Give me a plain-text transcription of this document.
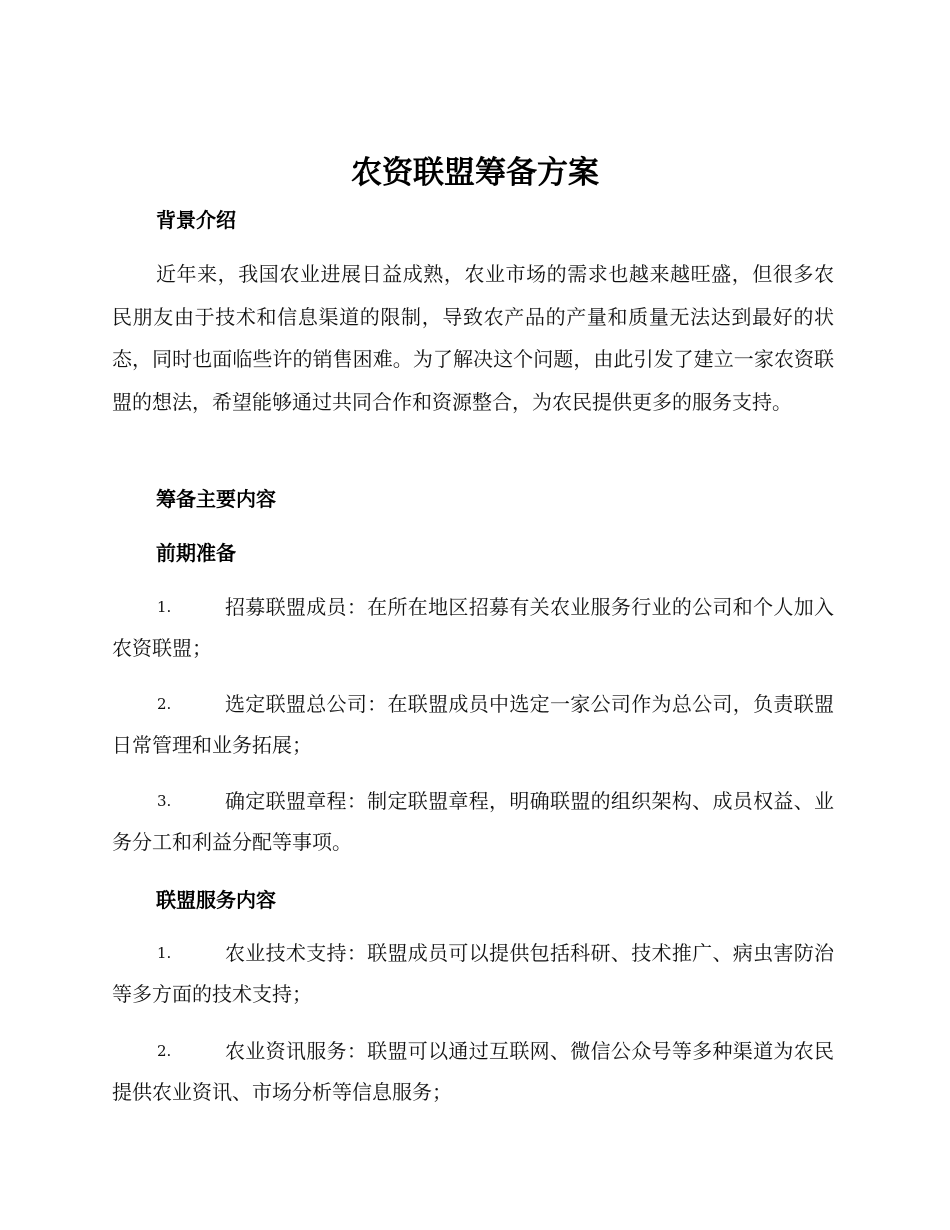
农资联盟筹备方案
背景介绍
近年来，我国农业进展日益成熟，农业市场的需求也越来越旺盛，但很多农民朋友由于技术和信息渠道的限制，导致农产品的产量和质量无法达到最好的状态，同时也面临些许的销售困难。为了解决这个问题，由此引发了建立一家农资联盟的想法，希望能够通过共同合作和资源整合，为农民提供更多的服务支持。
筹备主要内容
前期准备
1.	招募联盟成员：在所在地区招募有关农业服务行业的公司和个人加入农资联盟；
2.	选定联盟总公司：在联盟成员中选定一家公司作为总公司，负责联盟日常管理和业务拓展；
3.	确定联盟章程：制定联盟章程，明确联盟的组织架构、成员权益、业务分工和利益分配等事项。
联盟服务内容
1.	农业技术支持：联盟成员可以提供包括科研、技术推广、病虫害防治等多方面的技术支持；
2.	农业资讯服务：联盟可以通过互联网、微信公众号等多种渠道为农民提供农业资讯、市场分析等信息服务；
